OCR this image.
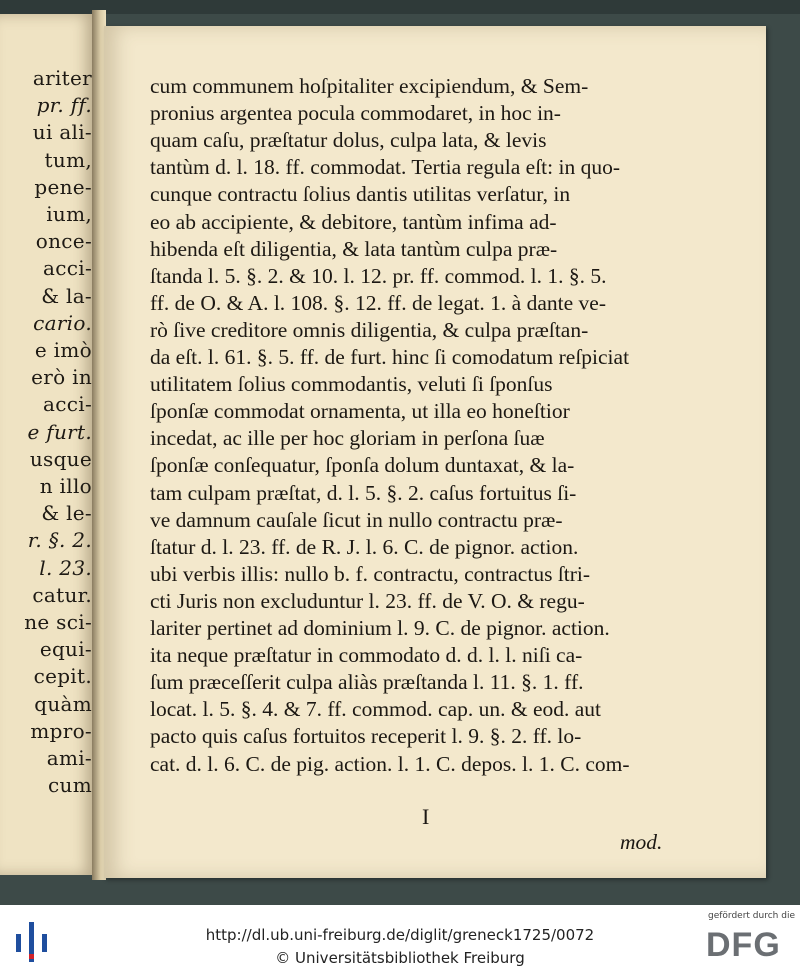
ariter
pr. ff.
ui ali-
tum,
pene-
ium,
once-
acci-
& la-
cario.
e imò
erò in
acci-
e furt.
usque
n illo
& le-
r. §. 2.
l. 23.
catur.
ne sci-
equi-
cepit.
quàm
mpro-
ami-
cum
I
mod.
cum communem hoſpitaliter excipiendum, & Sem-
pronius argentea pocula commodaret, in hoc in-
quam caſu, præſtatur dolus, culpa lata, & levis
tantùm d. l. 18. ff. commodat. Tertia regula eſt: in quo-
cunque contractu ſolius dantis utilitas verſatur, in
eo ab accipiente, & debitore, tantùm infima ad-
hibenda eſt diligentia, & lata tantùm culpa præ-
ſtanda l. 5. §. 2. & 10. l. 12. pr. ff. commod. l. 1. §. 5.
ff. de O. & A. l. 108. §. 12. ff. de legat. 1. à dante ve-
rò ſive creditore omnis diligentia, & culpa præſtan-
da eſt. l. 61. §. 5. ff. de furt. hinc ſi comodatum reſpiciat
utilitatem ſolius commodantis, veluti ſi ſponſus
ſponſæ commodat ornamenta, ut illa eo honeſtior
incedat, ac ille per hoc gloriam in perſona ſuæ
ſponſæ conſequatur, ſponſa dolum duntaxat, & la-
tam culpam præſtat, d. l. 5. §. 2. caſus fortuitus ſi-
ve damnum cauſale ſicut in nullo contractu præ-
ſtatur d. l. 23. ff. de R. J. l. 6. C. de pignor. action.
ubi verbis illis: nullo b. f. contractu, contractus ſtri-
cti Juris non excluduntur l. 23. ff. de V. O. & regu-
lariter pertinet ad dominium l. 9. C. de pignor. action.
ita neque præſtatur in commodato d. d. l. l. niſi ca-
ſum præceſſerit culpa aliàs præſtanda l. 11. §. 1. ff.
locat. l. 5. §. 4. & 7. ff. commod. cap. un. & eod. aut
pacto quis caſus fortuitos receperit l. 9. §. 2. ff. lo-
cat. d. l. 6. C. de pig. action. l. 1. C. depos. l. 1. C. com-
http://dl.ub.uni-freiburg.de/diglit/greneck1725/0072
© Universitätsbibliothek Freiburg
gefördert durch die
DFG
